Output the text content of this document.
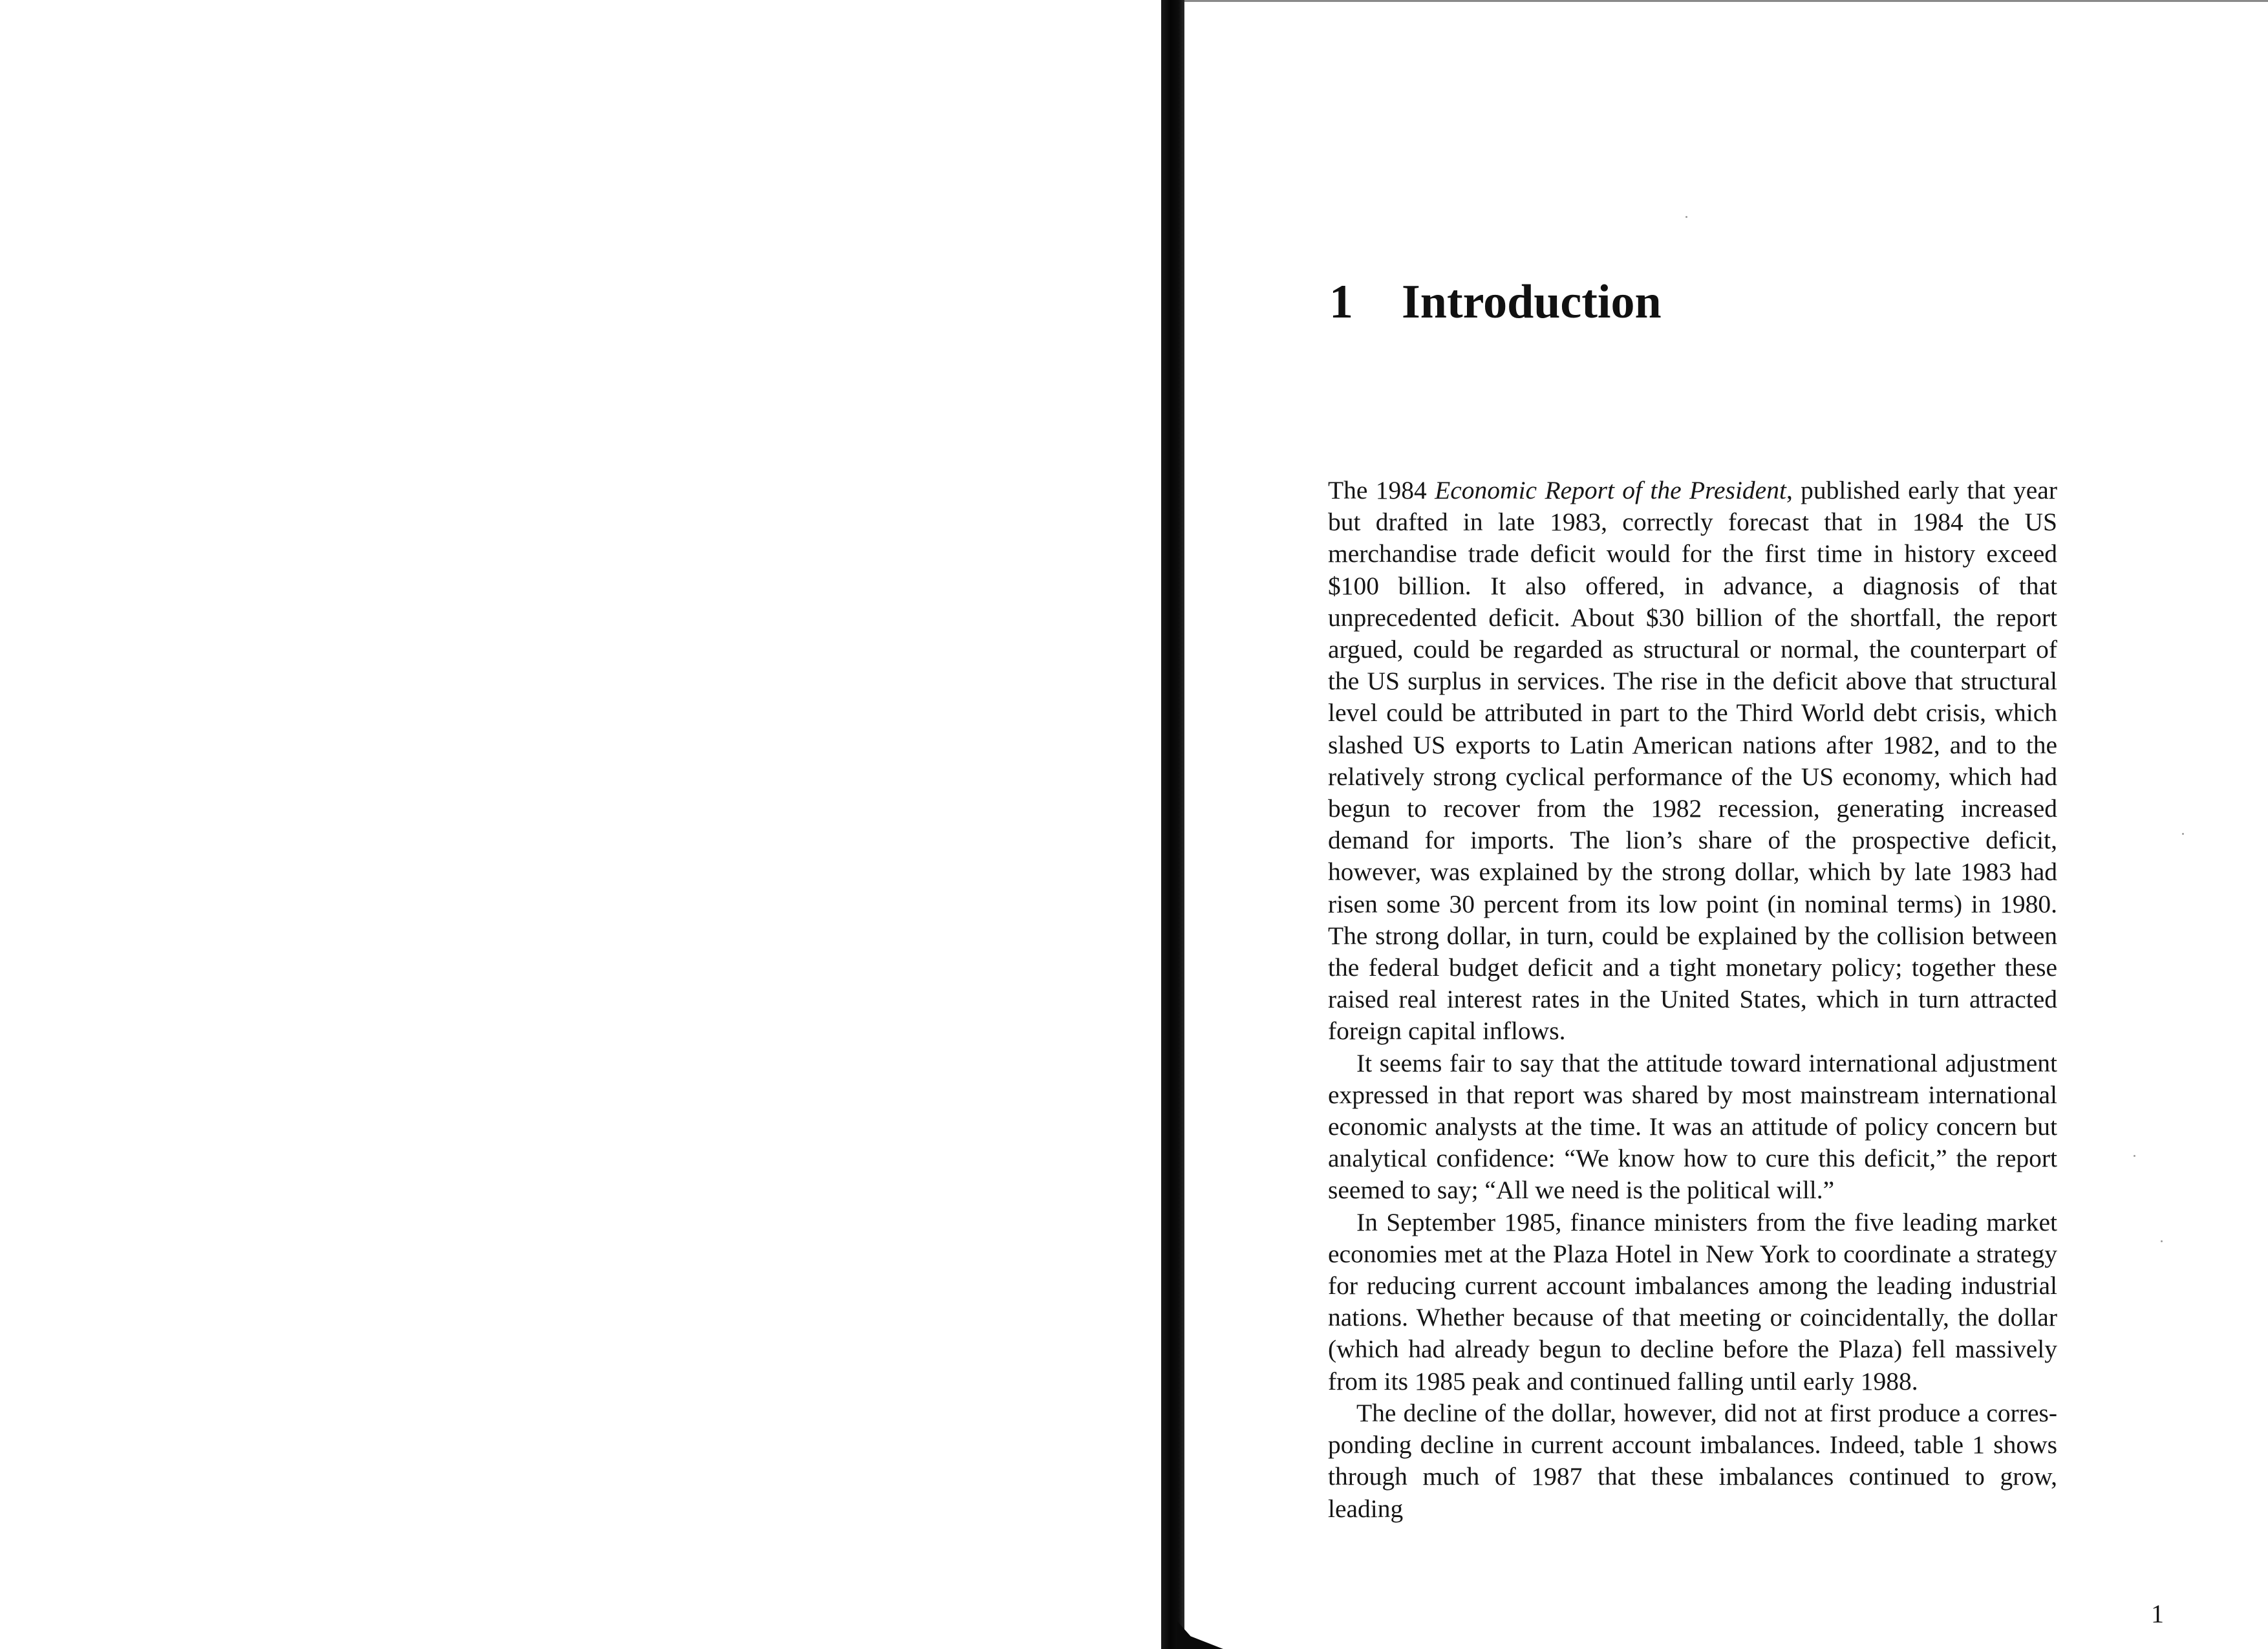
1 Introduction

The 1984 Economic Report of the President, published early that year but drafted in late 1983, correctly forecast that in 1984 the US merchandise trade deficit would for the first time in history exceed $100 billion. It also offered, in advance, a diagnosis of that unprecedented deficit. About $30 billion of the shortfall, the report argued, could be regarded as structural or normal, the counterpart of the US surplus in services. The rise in the deficit above that structural level could be attributed in part to the Third World debt crisis, which slashed US exports to Latin American nations after 1982, and to the relatively strong cyclical performance of the US economy, which had begun to recover from the 1982 recession, generating increased demand for imports. The lion’s share of the prospective deficit, however, was explained by the strong dollar, which by late 1983 had risen some 30 percent from its low point (in nominal terms) in 1980. The strong dollar, in turn, could be explained by the collision between the federal budget deficit and a tight monetary policy; together these raised real interest rates in the United States, which in turn attracted foreign capital inflows.

It seems fair to say that the attitude toward international adjustment expressed in that report was shared by most mainstream international economic analysts at the time. It was an attitude of policy concern but analytical confidence: “We know how to cure this deficit,” the report seemed to say; “All we need is the political will.”

In September 1985, finance ministers from the five leading market economies met at the Plaza Hotel in New York to coordinate a strategy for reducing current account imbalances among the leading industrial nations. Whether because of that meeting or coincidentally, the dollar (which had already begun to decline before the Plaza) fell massively from its 1985 peak and continued falling until early 1988.

The decline of the dollar, however, did not at first produce a corresponding decline in current account imbalances. Indeed, table 1 shows through much of 1987 that these imbalances continued to grow, leading

1
